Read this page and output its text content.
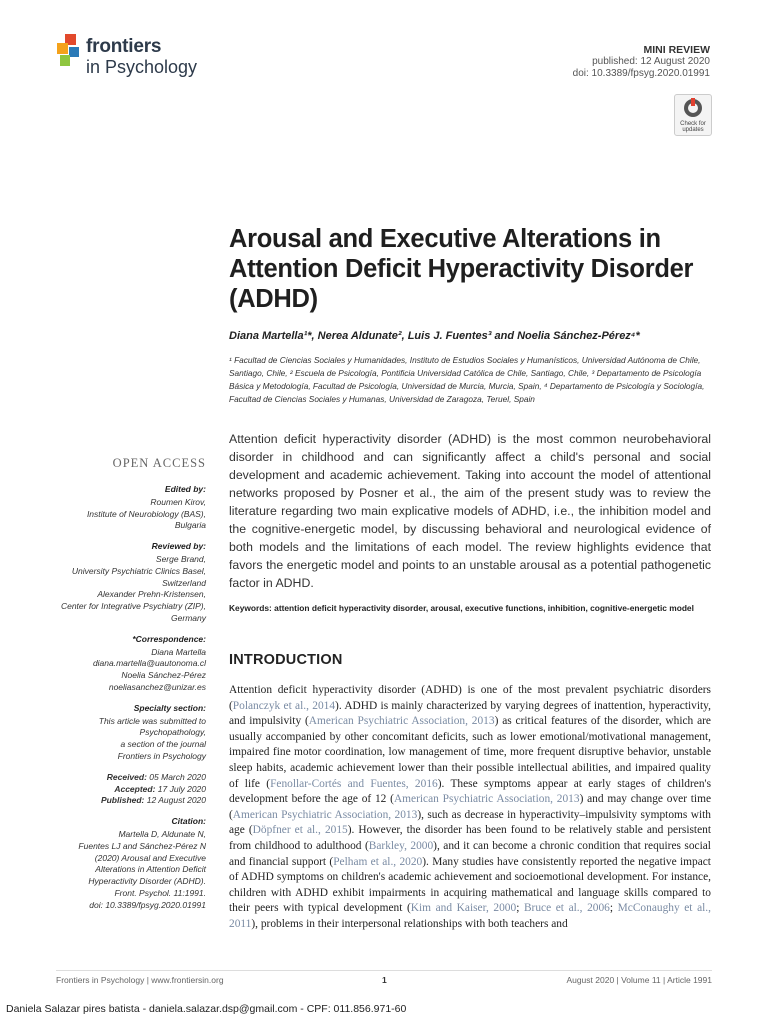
frontiers
in Psychology
MINI REVIEW
published: 12 August 2020
doi: 10.3389/fpsyg.2020.01991
Check for updates
Arousal and Executive Alterations in Attention Deficit Hyperactivity Disorder (ADHD)
Diana Martella¹*, Nerea Aldunate², Luis J. Fuentes³ and Noelia Sánchez-Pérez⁴*
¹ Facultad de Ciencias Sociales y Humanidades, Instituto de Estudios Sociales y Humanísticos, Universidad Autónoma de Chile, Santiago, Chile, ² Escuela de Psicología, Pontificia Universidad Católica de Chile, Santiago, Chile, ³ Departamento de Psicología Básica y Metodología, Facultad de Psicología, Universidad de Murcia, Murcia, Spain, ⁴ Departamento de Psicología y Sociología, Facultad de Ciencias Sociales y Humanas, Universidad de Zaragoza, Teruel, Spain
OPEN ACCESS
Edited by:
Roumen Kirov,
Institute of Neurobiology (BAS),
Bulgaria
Reviewed by:
Serge Brand,
University Psychiatric Clinics Basel,
Switzerland
Alexander Prehn-Kristensen,
Center for Integrative Psychiatry (ZIP),
Germany
*Correspondence:
Diana Martella
diana.martella@uautonoma.cl
Noelia Sánchez-Pérez
noeliasanchez@unizar.es
Specialty section:
This article was submitted to
Psychopathology,
a section of the journal
Frontiers in Psychology
Received: 05 March 2020
Accepted: 17 July 2020
Published: 12 August 2020
Citation:
Martella D, Aldunate N,
Fuentes LJ and Sánchez-Pérez N
(2020) Arousal and Executive
Alterations in Attention Deficit
Hyperactivity Disorder (ADHD).
Front. Psychol. 11:1991.
doi: 10.3389/fpsyg.2020.01991
Attention deficit hyperactivity disorder (ADHD) is the most common neurobehavioral disorder in childhood and can significantly affect a child's personal and social development and academic achievement. Taking into account the model of attentional networks proposed by Posner et al., the aim of the present study was to review the literature regarding two main explicative models of ADHD, i.e., the inhibition model and the cognitive-energetic model, by discussing behavioral and neurological evidence of both models and the limitations of each model. The review highlights evidence that favors the energetic model and points to an unstable arousal as a potential pathogenetic factor in ADHD.
Keywords: attention deficit hyperactivity disorder, arousal, executive functions, inhibition, cognitive-energetic model
INTRODUCTION
Attention deficit hyperactivity disorder (ADHD) is one of the most prevalent psychiatric disorders (Polanczyk et al., 2014). ADHD is mainly characterized by varying degrees of inattention, hyperactivity, and impulsivity (American Psychiatric Association, 2013) as critical features of the disorder, which are usually accompanied by other concomitant deficits, such as lower emotional/motivational management, impaired fine motor coordination, low management of time, more frequent disruptive behavior, unstable sleep habits, academic achievement lower than their possible intellectual abilities, and impaired quality of life (Fenollar-Cortés and Fuentes, 2016). These symptoms appear at early stages of children's development before the age of 12 (American Psychiatric Association, 2013) and may change over time (American Psychiatric Association, 2013), such as decrease in hyperactivity–impulsivity symptoms with age (Döpfner et al., 2015). However, the disorder has been found to be relatively stable and persistent from childhood to adulthood (Barkley, 2000), and it can become a chronic condition that requires social and financial support (Pelham et al., 2020). Many studies have consistently reported the negative impact of ADHD symptoms on children's academic achievement and socioemotional development. For instance, children with ADHD exhibit impairments in acquiring mathematical and language skills compared to their peers with typical development (Kim and Kaiser, 2000; Bruce et al., 2006; McConaughy et al., 2011), problems in their interpersonal relationships with both teachers and
Frontiers in Psychology | www.frontiersin.org	1	August 2020 | Volume 11 | Article 1991
Daniela Salazar pires batista - daniela.salazar.dsp@gmail.com - CPF: 011.856.971-60
